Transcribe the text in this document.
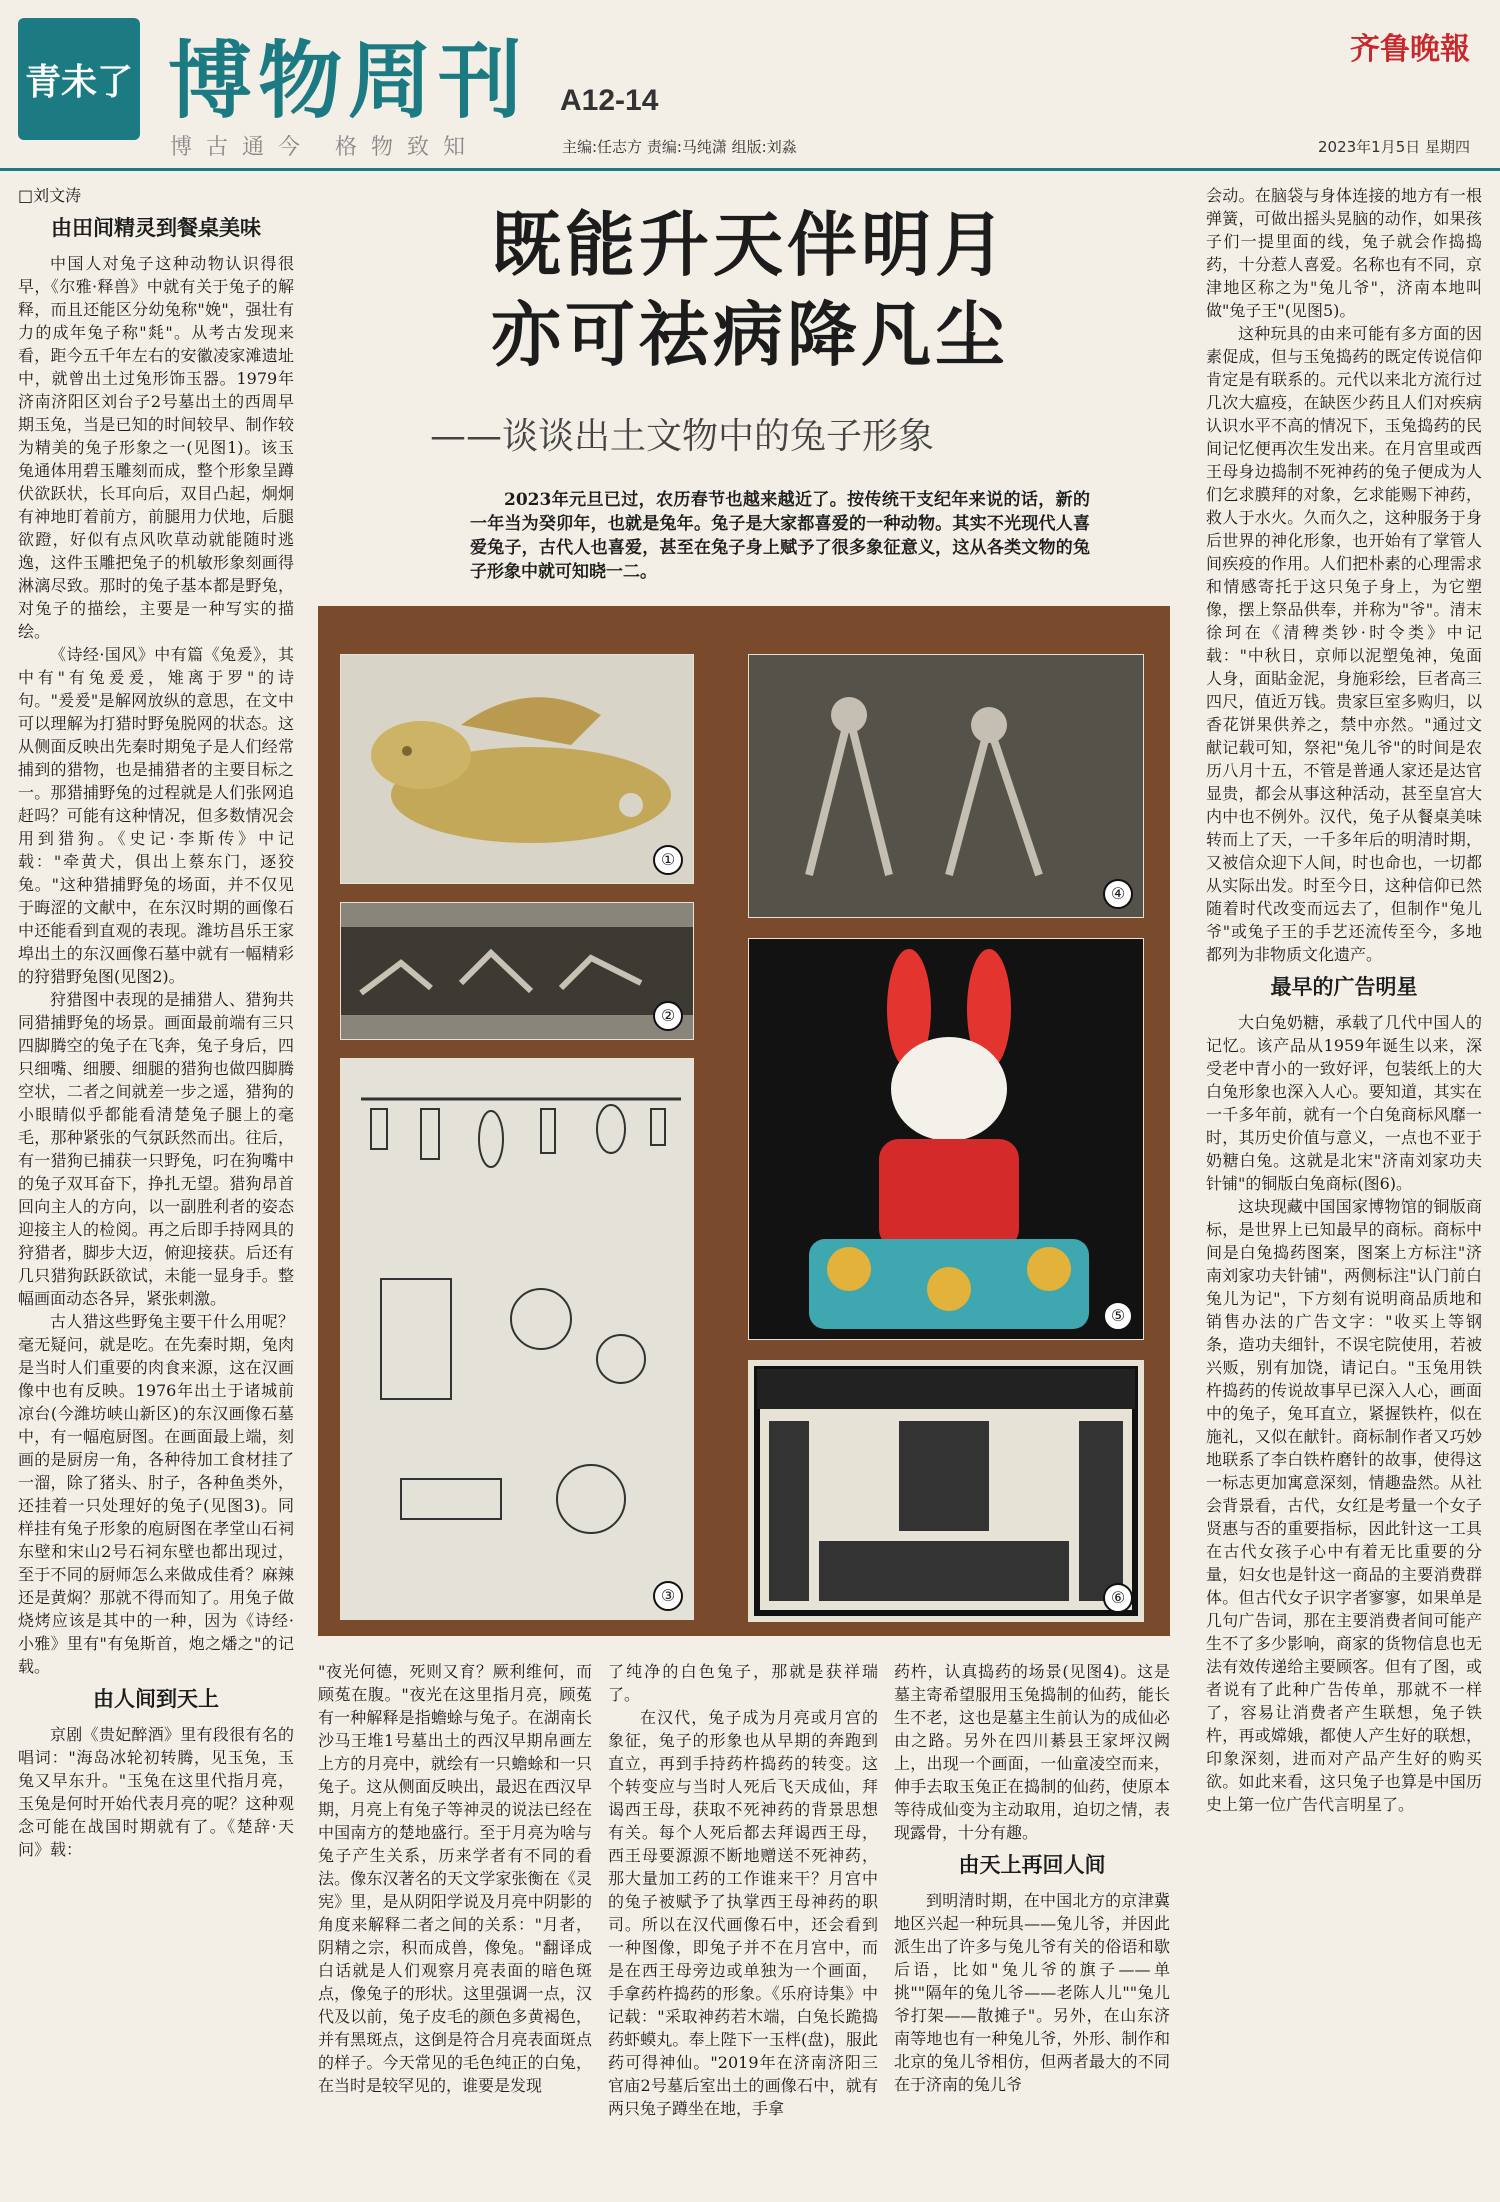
青未了 博物周刊 A12-14
博古通今 格物致知	主编:任志方 责编:马纯潇 组版:刘淼
齐鲁晚報
2023年1月5日 星期四
既能升天伴明月
亦可祛病降凡尘
——谈谈出土文物中的兔子形象
2023年元旦已过，农历春节也越来越近了。按传统干支纪年来说的话，新的一年当为癸卯年，也就是兔年。兔子是大家都喜爱的一种动物。其实不光现代人喜爱兔子，古代人也喜爱，甚至在兔子身上赋予了很多象征意义，这从各类文物的兔子形象中就可知晓一二。
□刘文涛
由田间精灵到餐桌美味

中国人对兔子这种动物认识得很早，《尔雅·释兽》中就有关于兔子的解释，而且还能区分幼兔称"娩"，强壮有力的成年兔子称"㲜"。从考古发现来看，距今五千年左右的安徽凌家滩遗址中，就曾出土过兔形饰玉器。1979年济南济阳区刘台子2号墓出土的西周早期玉兔，当是已知的时间较早、制作较为精美的兔子形象之一(见图1)。该玉兔通体用碧玉雕刻而成，整个形象呈蹲伏欲跃状，长耳向后，双目凸起，炯炯有神地盯着前方，前腿用力伏地，后腿欲蹬，好似有点风吹草动就能随时逃逸，这件玉雕把兔子的机敏形象刻画得淋漓尽致。那时的兔子基本都是野兔，对兔子的描绘，主要是一种写实的描绘。

《诗经·国风》中有篇《兔爰》，其中有"有兔爰爰，雉离于罗"的诗句。"爰爰"是解网放纵的意思，在文中可以理解为打猎时野兔脱网的状态。这从侧面反映出先秦时期兔子是人们经常捕到的猎物，也是捕猎者的主要目标之一。那猎捕野兔的过程就是人们张网追赶吗？可能有这种情况，但多数情况会用到猎狗。《史记·李斯传》中记载："牵黄犬，俱出上蔡东门，逐狡兔。"这种猎捕野兔的场面，并不仅见于晦涩的文献中，在东汉时期的画像石中还能看到直观的表现。潍坊昌乐王家埠出土的东汉画像石墓中就有一幅精彩的狩猎野兔图(见图2)。

狩猎图中表现的是捕猎人、猎狗共同猎捕野兔的场景。画面最前端有三只四脚腾空的兔子在飞奔，兔子身后，四只细嘴、细腰、细腿的猎狗也做四脚腾空状，二者之间就差一步之遥，猎狗的小眼睛似乎都能看清楚兔子腿上的毫毛，那种紧张的气氛跃然而出。往后，有一猎狗已捕获一只野兔，叼在狗嘴中的兔子双耳奋下，挣扎无望。猎狗昂首回向主人的方向，以一副胜利者的姿态迎接主人的检阅。再之后即手持网具的狩猎者，脚步大迈，俯迎接获。后还有几只猎狗跃跃欲试，未能一显身手。整幅画面动态各异，紧张刺激。

古人猎这些野兔主要干什么用呢？毫无疑问，就是吃。在先秦时期，兔肉是当时人们重要的肉食来源，这在汉画像中也有反映。1976年出土于诸城前凉台(今潍坊峡山新区)的东汉画像石墓中，有一幅庖厨图。在画面最上端，刻画的是厨房一角，各种待加工食材挂了一溜，除了猪头、肘子，各种鱼类外，还挂着一只处理好的兔子(见图3)。同样挂有兔子形象的庖厨图在孝堂山石祠东壁和宋山2号石祠东壁也都出现过，至于不同的厨师怎么来做成佳肴？麻辣还是黄焖？那就不得而知了。用兔子做烧烤应该是其中的一种，因为《诗经·小雅》里有"有兔斯首，炮之燔之"的记载。

由人间到天上

京剧《贵妃醉酒》里有段很有名的唱词："海岛冰轮初转腾，见玉兔，玉兔又早东升。"玉兔在这里代指月亮，玉兔是何时开始代表月亮的呢？这种观念可能在战国时期就有了。《楚辞·天问》载：

①
②
③
④
⑤
⑥

"夜光何德，死则又育？厥利维何，而顾菟在腹。"夜光在这里指月亮，顾菟有一种解释是指蟾蜍与兔子。在湖南长沙马王堆1号墓出土的西汉早期帛画左上方的月亮中，就绘有一只蟾蜍和一只兔子。这从侧面反映出，最迟在西汉早期，月亮上有兔子等神灵的说法已经在中国南方的楚地盛行。至于月亮为啥与兔子产生关系，历来学者有不同的看法。像东汉著名的天文学家张衡在《灵宪》里，是从阴阳学说及月亮中阴影的角度来解释二者之间的关系："月者，阴精之宗，积而成兽，像兔。"翻译成白话就是人们观察月亮表面的暗色斑点，像兔子的形状。这里强调一点，汉代及以前，兔子皮毛的颜色多黄褐色，并有黑斑点，这倒是符合月亮表面斑点的样子。今天常见的毛色纯正的白兔，在当时是较罕见的，谁要是发现

了纯净的白色兔子，那就是获祥瑞了。

在汉代，兔子成为月亮或月宫的象征，兔子的形象也从早期的奔跑到直立，再到手持药杵捣药的转变。这个转变应与当时人死后飞天成仙，拜谒西王母，获取不死神药的背景思想有关。每个人死后都去拜谒西王母，西王母要源源不断地赠送不死神药，那大量加工药的工作谁来干？月宫中的兔子被赋予了执掌西王母神药的职司。所以在汉代画像石中，还会看到一种图像，即兔子并不在月宫中，而是在西王母旁边或单独为一个画面，手拿药杵捣药的形象。《乐府诗集》中记载："采取神药若木端，白兔长跪捣药虾蟆丸。奉上陛下一玉柈(盘)，服此药可得神仙。"2019年在济南济阳三官庙2号墓后室出土的画像石中，就有两只兔子蹲坐在地，手拿

药杵，认真捣药的场景(见图4)。这是墓主寄希望服用玉兔捣制的仙药，能长生不老，这也是墓主生前认为的成仙必由之路。另外在四川綦县王家坪汉阙上，出现一个画面，一仙童凌空而来，伸手去取玉兔正在捣制的仙药，使原本等待成仙变为主动取用，迫切之情，表现露骨，十分有趣。

由天上再回人间

到明清时期，在中国北方的京津冀地区兴起一种玩具——兔儿爷，并因此派生出了许多与兔儿爷有关的俗语和歇后语，比如"兔儿爷的旗子——单挑""隔年的兔儿爷——老陈人儿""兔儿爷打架——散摊子"。另外，在山东济南等地也有一种兔儿爷，外形、制作和北京的兔儿爷相仿，但两者最大的不同在于济南的兔儿爷

会动。在脑袋与身体连接的地方有一根弹簧，可做出摇头晃脑的动作，如果孩子们一提里面的线，兔子就会作捣捣药，十分惹人喜爱。名称也有不同，京津地区称之为"兔儿爷"，济南本地叫做"兔子王"(见图5)。

这种玩具的由来可能有多方面的因素促成，但与玉兔捣药的既定传说信仰肯定是有联系的。元代以来北方流行过几次大瘟疫，在缺医少药且人们对疾病认识水平不高的情况下，玉兔捣药的民间记忆便再次生发出来。在月宫里或西王母身边捣制不死神药的兔子便成为人们乞求膜拜的对象，乞求能赐下神药，救人于水火。久而久之，这种服务于身后世界的神化形象，也开始有了掌管人间疾疫的作用。人们把朴素的心理需求和情感寄托于这只兔子身上，为它塑像，摆上祭品供奉，并称为"爷"。清末徐珂在《清稗类钞·时令类》中记载："中秋日，京师以泥塑兔神，兔面人身，面貼金泥，身施彩绘，巨者高三四尺，值近万钱。贵家巨室多购归，以香花饼果供养之，禁中亦然。"通过文献记载可知，祭祀"兔儿爷"的时间是农历八月十五，不管是普通人家还是达官显贵，都会从事这种活动，甚至皇宫大内中也不例外。汉代，兔子从餐桌美味转而上了天，一千多年后的明清时期，又被信众迎下人间，时也命也，一切都从实际出发。时至今日，这种信仰已然随着时代改变而远去了，但制作"兔儿爷"或兔子王的手艺还流传至今，多地都列为非物质文化遗产。

最早的广告明星

大白兔奶糖，承载了几代中国人的记忆。该产品从1959年诞生以来，深受老中青小的一致好评，包装纸上的大白兔形象也深入人心。要知道，其实在一千多年前，就有一个白兔商标风靡一时，其历史价值与意义，一点也不亚于奶糖白兔。这就是北宋"济南刘家功夫针铺"的铜版白兔商标(图6)。

这块现藏中国国家博物馆的铜版商标，是世界上已知最早的商标。商标中间是白兔捣药图案，图案上方标注"济南刘家功夫针铺"，两侧标注"认门前白兔儿为记"，下方刻有说明商品质地和销售办法的广告文字："收买上等钢条，造功夫细针，不误宅院使用，若被兴贩，别有加饶，请记白。"玉兔用铁杵捣药的传说故事早已深入人心，画面中的兔子，兔耳直立，紧握铁杵，似在施礼，又似在献针。商标制作者又巧妙地联系了李白铁杵磨针的故事，使得这一标志更加寓意深刻，情趣盎然。从社会背景看，古代，女红是考量一个女子贤惠与否的重要指标，因此针这一工具在古代女孩子心中有着无比重要的分量，妇女也是针这一商品的主要消费群体。但古代女子识字者寥寥，如果单是几句广告词，那在主要消费者间可能产生不了多少影响，商家的货物信息也无法有效传递给主要顾客。但有了图，或者说有了此种广告传单，那就不一样了，容易让消费者产生联想，兔子铁杵，再或嫦娥，都使人产生好的联想，印象深刻，进而对产品产生好的购买欲。如此来看，这只兔子也算是中国历史上第一位广告代言明星了。
